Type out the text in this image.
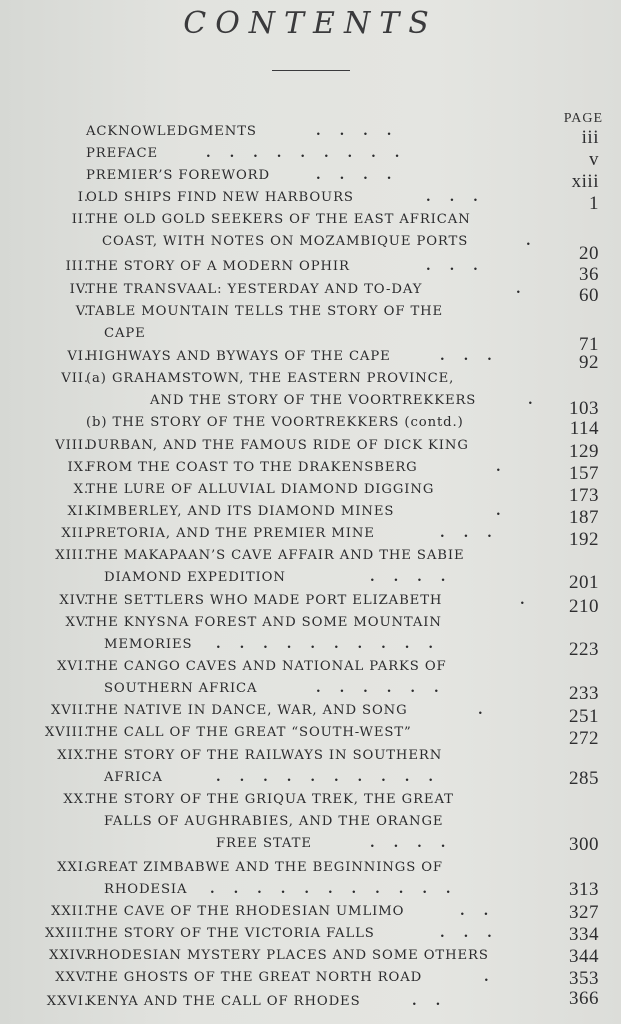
CONTENTS
PAGE
ACKNOWLEDGMENTS	....	iii
PREFACE	.........	v
PREMIER’S FOREWORD	....	xiii
I.
OLD SHIPS FIND NEW HARBOURS	...	1
II.
THE OLD GOLD SEEKERS OF THE EAST AFRICAN
COAST, WITH NOTES ON MOZAMBIQUE PORTS	.
20
III.
THE STORY OF A MODERN OPHIR	...	36
IV.
THE TRANSVAAL: YESTERDAY AND TO-DAY	. 60
V.
TABLE MOUNTAIN TELLS THE STORY OF THE
CAPE
71
VI.
HIGHWAYS AND BYWAYS OF THE CAPE	...	92
VII.
(a) GRAHAMSTOWN, THE EASTERN PROVINCE,
AND THE STORY OF THE VOORTREKKERS	. 103
(b) THE STORY OF THE VOORTREKKERS (contd.)	114
VIII.
DURBAN, AND THE FAMOUS RIDE OF DICK KING	129
IX.
FROM THE COAST TO THE DRAKENSBERG	.	157
X.
THE LURE OF ALLUVIAL DIAMOND DIGGING	173
XI.
KIMBERLEY, AND ITS DIAMOND MINES	.	187
XII.
PRETORIA, AND THE PREMIER MINE	...	192
XIII.
THE MAKAPAAN’S CAVE AFFAIR AND THE SABIE
DIAMOND EXPEDITION	....	201
XIV.
THE SETTLERS WHO MADE PORT ELIZABETH	. 210
XV.
THE KNYSNA FOREST AND SOME MOUNTAIN
MEMORIES ..........	223
XVI.
THE CANGO CAVES AND NATIONAL PARKS OF
SOUTHERN AFRICA	......	233
XVII.
THE NATIVE IN DANCE, WAR, AND SONG	.	251
XVIII.
THE CALL OF THE GREAT “SOUTH-WEST”	272
XIX.
THE STORY OF THE RAILWAYS IN SOUTHERN
AFRICA	..........	285
XX.
THE STORY OF THE GRIQUA TREK, THE GREAT
FALLS OF AUGHRABIES, AND THE ORANGE
FREE STATE	....	300
XXI.
GREAT ZIMBABWE AND THE BEGINNINGS OF
RHODESIA ...........	313
XXII.
THE CAVE OF THE RHODESIAN UMLIMO	..	327
XXIII.
THE STORY OF THE VICTORIA FALLS	...	334
XXIV.
RHODESIAN MYSTERY PLACES AND SOME OTHERS	344
XXV.
THE GHOSTS OF THE GREAT NORTH ROAD	.	353
XXVI.
KENYA AND THE CALL OF RHODES	..	366
